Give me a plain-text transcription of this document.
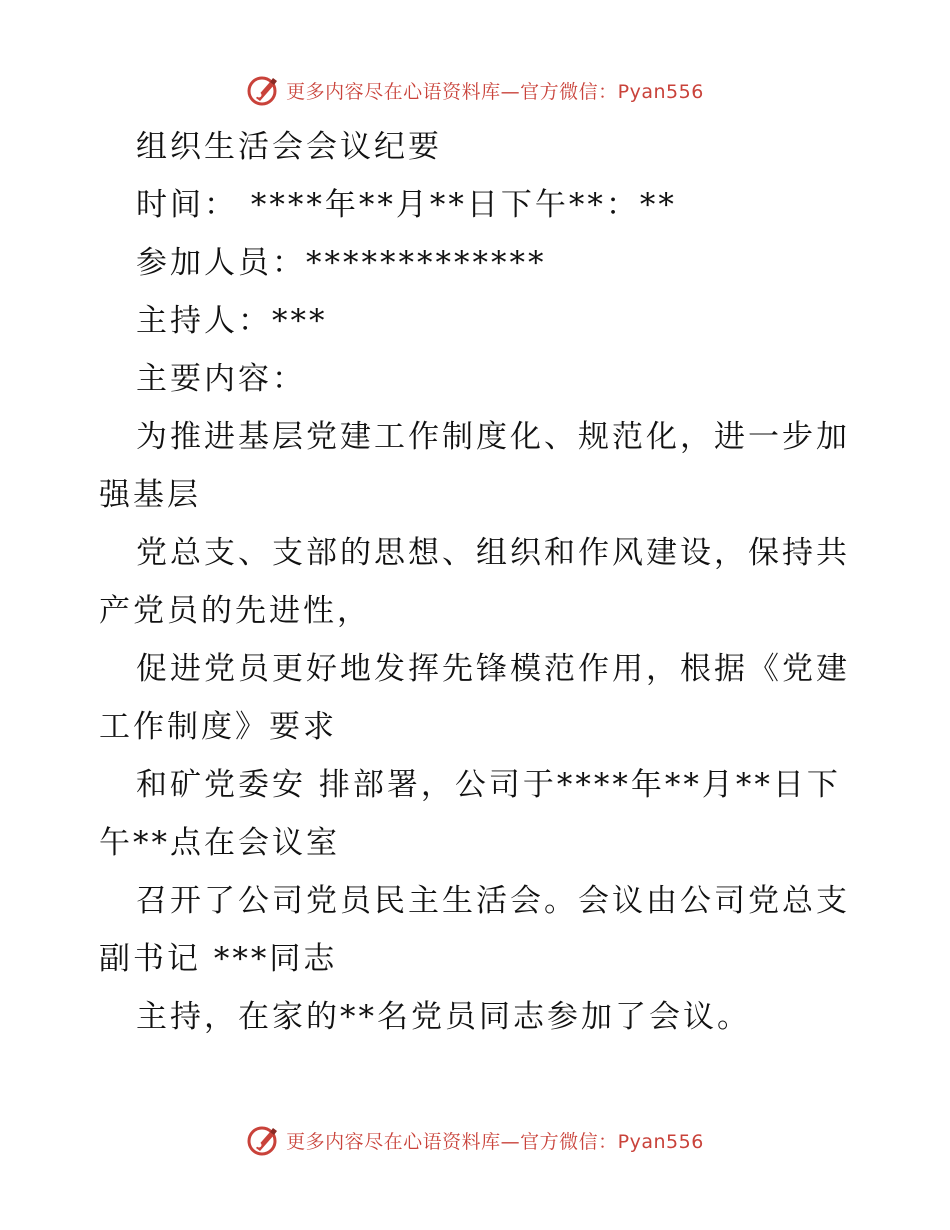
更多内容尽在心语资料库—官方微信：Pyan556
组织生活会会议纪要
时间： ****年**月**日下午**：**
参加人员：*************
主持人：***
主要内容：
为推进基层党建工作制度化、规范化，进一步加
强基层
党总支、支部的思想、组织和作风建设，保持共
产党员的先进性，
促进党员更好地发挥先锋模范作用，根据《党建
工作制度》要求
和矿党委安 排部署，公司于****年**月**日下
午**点在会议室
召开了公司党员民主生活会。会议由公司党总支
副书记 ***同志
主持，在家的**名党员同志参加了会议。
更多内容尽在心语资料库—官方微信：Pyan556
